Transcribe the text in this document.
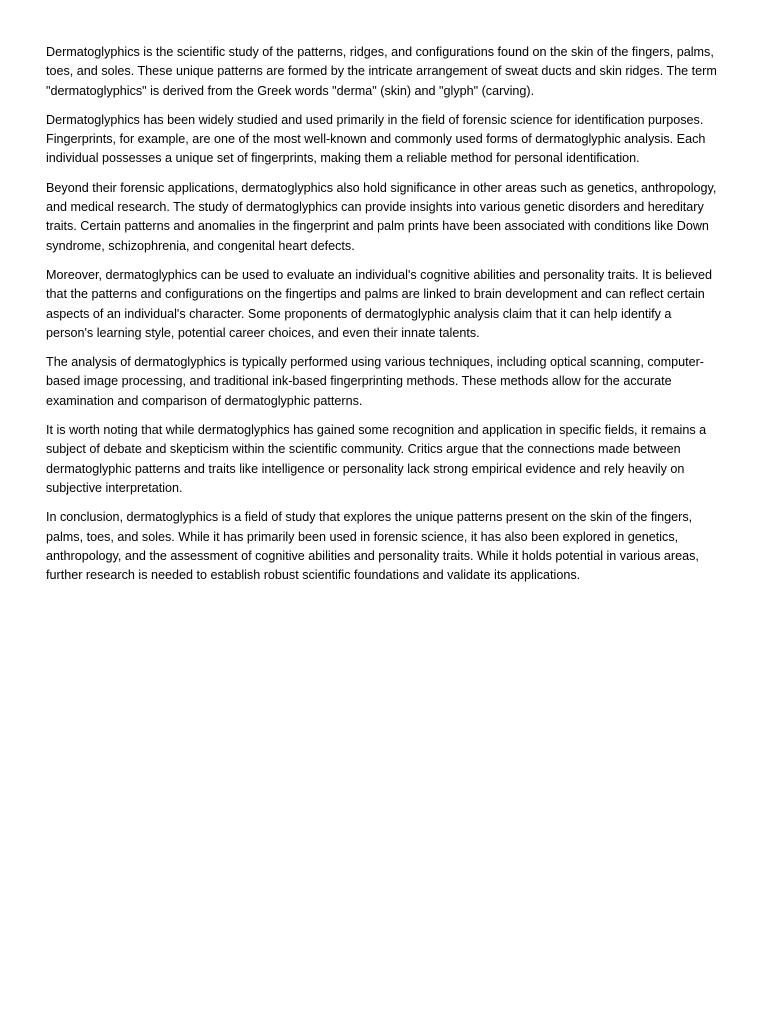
Dermatoglyphics is the scientific study of the patterns, ridges, and configurations found on the skin of the fingers, palms, toes, and soles. These unique patterns are formed by the intricate arrangement of sweat ducts and skin ridges. The term "dermatoglyphics" is derived from the Greek words "derma" (skin) and "glyph" (carving).

Dermatoglyphics has been widely studied and used primarily in the field of forensic science for identification purposes. Fingerprints, for example, are one of the most well-known and commonly used forms of dermatoglyphic analysis. Each individual possesses a unique set of fingerprints, making them a reliable method for personal identification.

Beyond their forensic applications, dermatoglyphics also hold significance in other areas such as genetics, anthropology, and medical research. The study of dermatoglyphics can provide insights into various genetic disorders and hereditary traits. Certain patterns and anomalies in the fingerprint and palm prints have been associated with conditions like Down syndrome, schizophrenia, and congenital heart defects.

Moreover, dermatoglyphics can be used to evaluate an individual's cognitive abilities and personality traits. It is believed that the patterns and configurations on the fingertips and palms are linked to brain development and can reflect certain aspects of an individual's character. Some proponents of dermatoglyphic analysis claim that it can help identify a person's learning style, potential career choices, and even their innate talents.

The analysis of dermatoglyphics is typically performed using various techniques, including optical scanning, computer-based image processing, and traditional ink-based fingerprinting methods. These methods allow for the accurate examination and comparison of dermatoglyphic patterns.

It is worth noting that while dermatoglyphics has gained some recognition and application in specific fields, it remains a subject of debate and skepticism within the scientific community. Critics argue that the connections made between dermatoglyphic patterns and traits like intelligence or personality lack strong empirical evidence and rely heavily on subjective interpretation.

In conclusion, dermatoglyphics is a field of study that explores the unique patterns present on the skin of the fingers, palms, toes, and soles. While it has primarily been used in forensic science, it has also been explored in genetics, anthropology, and the assessment of cognitive abilities and personality traits. While it holds potential in various areas, further research is needed to establish robust scientific foundations and validate its applications.
